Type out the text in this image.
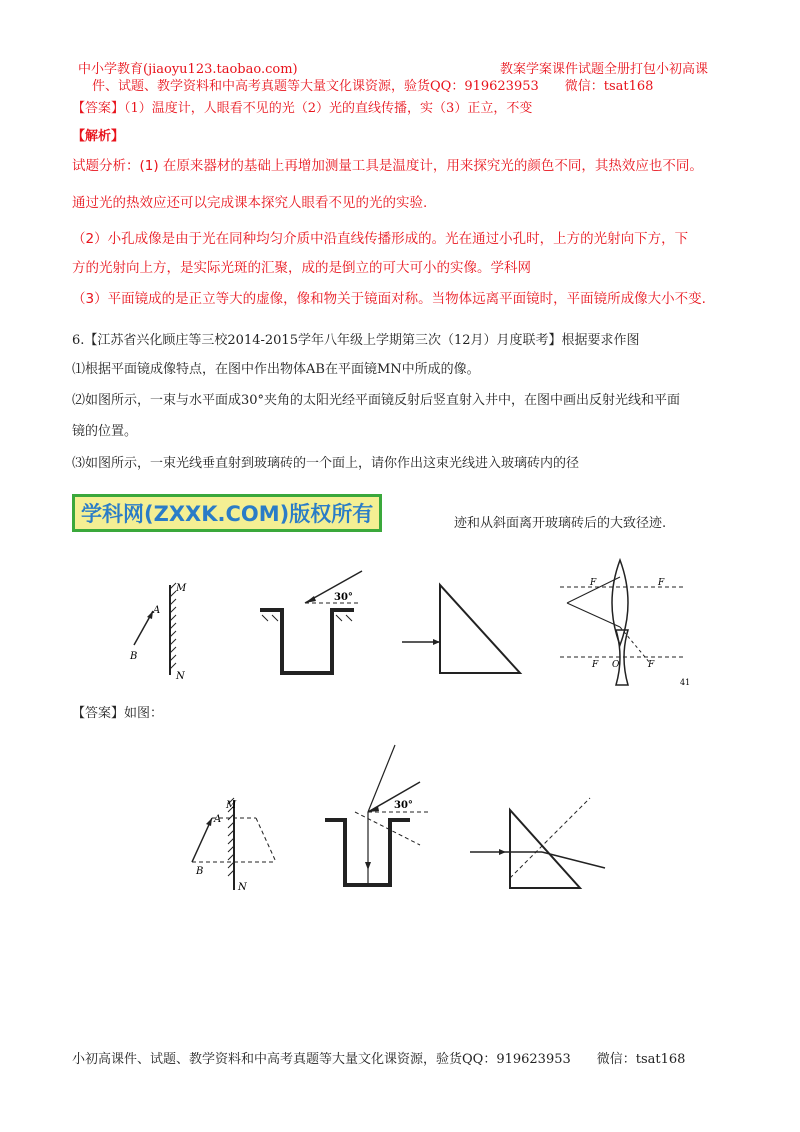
中小学教育(jiaoyu123.taobao.com)	教案学案课件试题全册打包小初高课
件、试题、教学资料和中高考真题等大量文化课资源，验货QQ：919623953　　微信：tsat168
【答案】（1）温度计，人眼看不见的光（2）光的直线传播，实（3）正立，不变
【解析】
试题分析：(1) 在原来器材的基础上再增加测量工具是温度计，用来探究光的颜色不同，其热效应也不同。
通过光的热效应还可以完成课本探究人眼看不见的光的实验.
（2）小孔成像是由于光在同种均匀介质中沿直线传播形成的。光在通过小孔时，上方的光射向下方，下
方的光射向上方，是实际光斑的汇聚，成的是倒立的可大可小的实像。学科网
（3）平面镜成的是正立等大的虚像，像和物关于镜面对称。当物体远离平面镜时，平面镜所成像大小不变.
6.【江苏省兴化顾庄等三校2014-2015学年八年级上学期第三次（12月）月度联考】根据要求作图
⑴根据平面镜成像特点，在图中作出物体AB在平面镜MN中所成的像。
⑵如图所示，一束与水平面成30°夹角的太阳光经平面镜反射后竖直射入井中，在图中画出反射光线和平面
镜的位置。
⑶如图所示，一束光线垂直射到玻璃砖的一个面上，请你作出这束光线进入玻璃砖内的径
学科网(ZXXK.COM)版权所有	迹和从斜面离开玻璃砖后的大致径迹.
M
N
A
B
30°
F	F
F O	F
41
【答案】如图：
M
N
A
B
30°
小初高课件、试题、教学资料和中高考真题等大量文化课资源，验货QQ：919623953　　微信：tsat168
